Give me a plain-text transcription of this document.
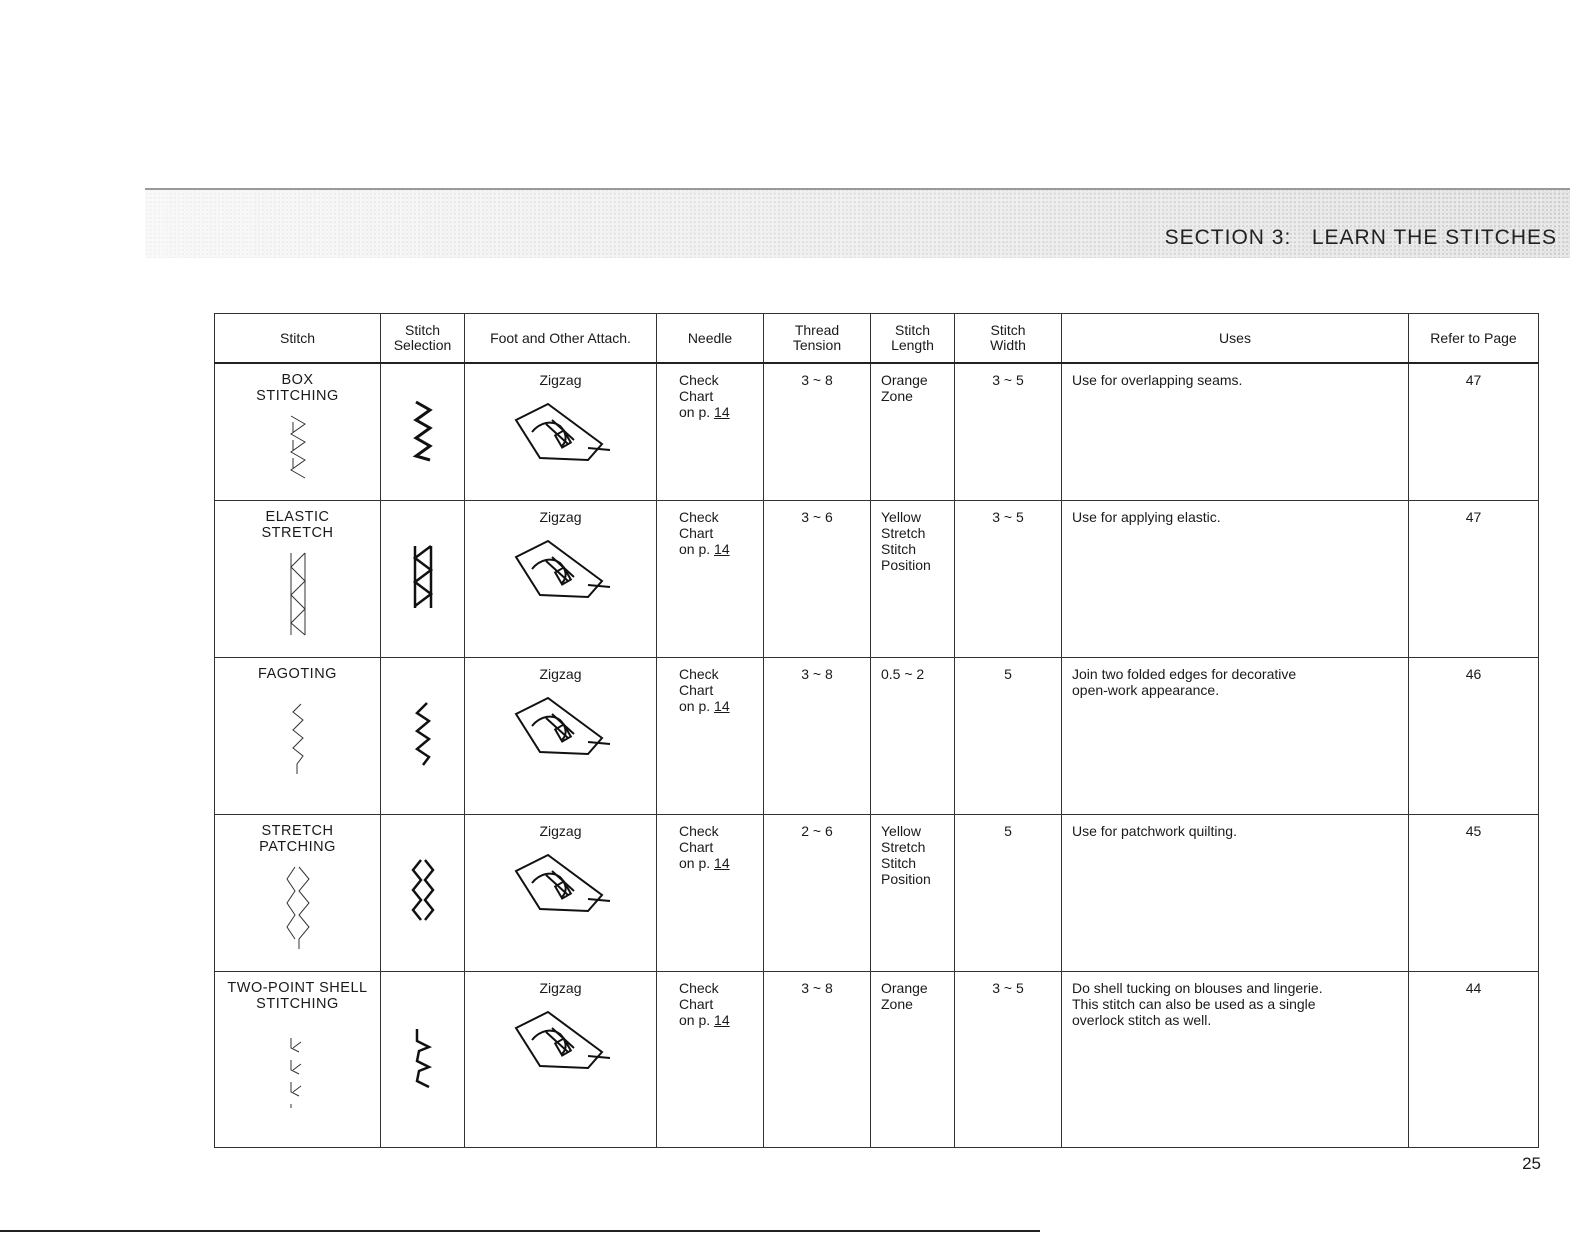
SECTION 3: LEARN THE STITCHES
Stitch	Stitch Selection	Foot and Other Attach.	Needle	Thread Tension	Stitch Length	Stitch Width	Uses	Refer to Page

BOX
STITCHING		Zigzag	Check
Chart
on p. 14	3 ~ 8	Orange
Zone	3 ~ 5	Use for overlapping seams.	47

ELASTIC
STRETCH		Zigzag	Check
Chart
on p. 14	3 ~ 6	Yellow
Stretch
Stitch
Position	3 ~ 5	Use for applying elastic.	47

FAGOTING		Zigzag	Check
Chart
on p. 14	3 ~ 8	0.5 ~ 2	5	Join two folded edges for decorative
open-work appearance.	46

STRETCH
PATCHING		Zigzag	Check
Chart
on p. 14	2 ~ 6	Yellow
Stretch
Stitch
Position	5	Use for patchwork quilting.	45

TWO-POINT SHELL
STITCHING		Zigzag	Check
Chart
on p. 14	3 ~ 8	Orange
Zone	3 ~ 5	Do shell tucking on blouses and lingerie.
This stitch can also be used as a single
overlock stitch as well.	44
25
